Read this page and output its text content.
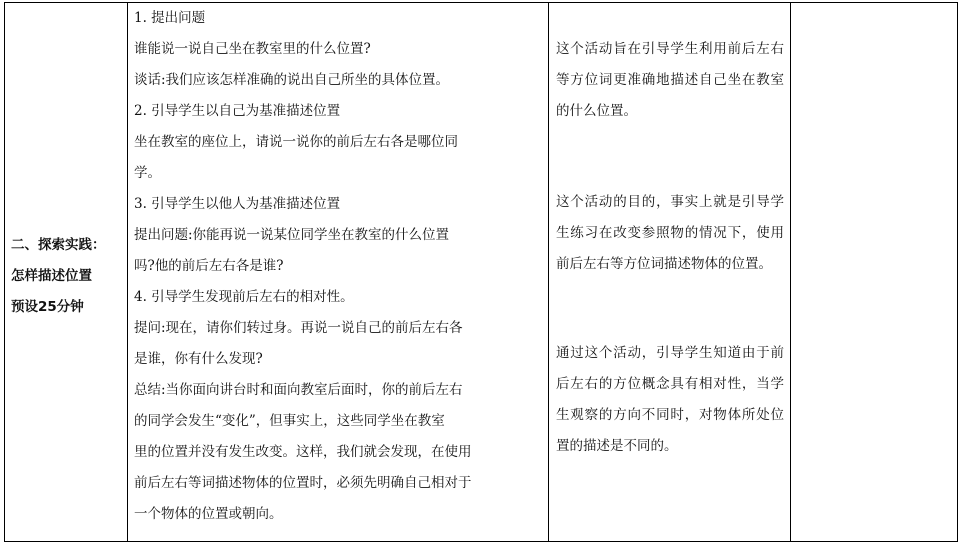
二、探索实践：
怎样描述位置
预设25分钟

1. 提出问题
谁能说一说自己坐在教室里的什么位置?
谈话:我们应该怎样准确的说出自己所坐的具体位置。
2. 引导学生以自己为基准描述位置
坐在教室的座位上，请说一说你的前后左右各是哪位同
学。
3. 引导学生以他人为基准描述位置
提出问题:你能再说一说某位同学坐在教室的什么位置
吗?他的前后左右各是谁?
4. 引导学生发现前后左右的相对性。
提问:现在，请你们转过身。再说一说自己的前后左右各
是谁，你有什么发现?
总结:当你面向讲台时和面向教室后面时，你的前后左右
的同学会发生“变化”，但事实上，这些同学坐在教室
里的位置并没有发生改变。这样，我们就会发现，在使用
前后左右等词描述物体的位置时，必须先明确自己相对于
一个物体的位置或朝向。

这个活动旨在引导学生利用前后左右等方位词更准确地描述自己坐在教室的什么位置。
这个活动的目的，事实上就是引导学生练习在改变参照物的情况下，使用前后左右等方位词描述物体的位置。
通过这个活动，引导学生知道由于前后左右的方位概念具有相对性，当学生观察的方向不同时，对物体所处位置的描述是不同的。
